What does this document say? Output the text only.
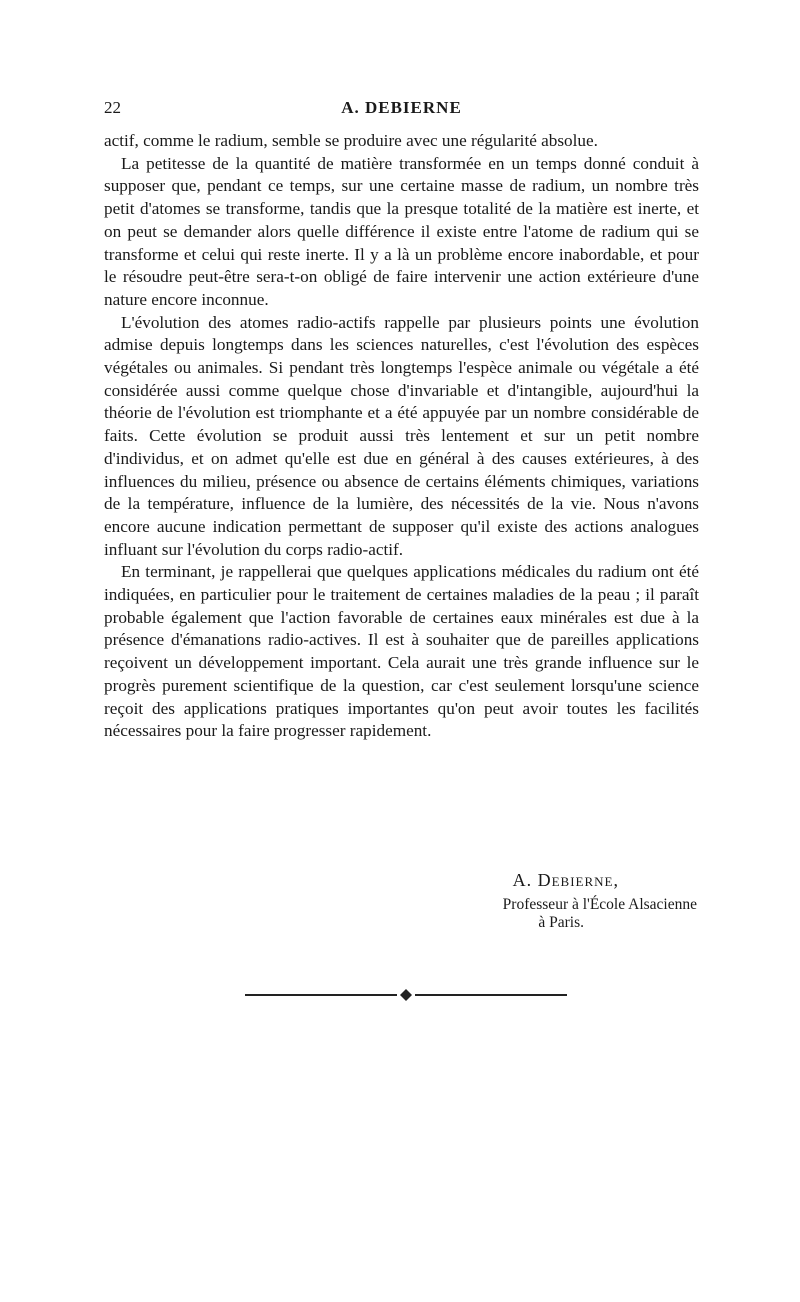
22	A. DEBIERNE

actif, comme le radium, semble se produire avec une régularité absolue.

La petitesse de la quantité de matière transformée en un temps donné conduit à supposer que, pendant ce temps, sur une certaine masse de radium, un nombre très petit d'atomes se transforme, tandis que la presque totalité de la matière est inerte, et on peut se demander alors quelle différence il existe entre l'atome de radium qui se transforme et celui qui reste inerte. Il y a là un problème encore inabordable, et pour le résoudre peut-être sera-t-on obligé de faire intervenir une action extérieure d'une nature encore inconnue.

L'évolution des atomes radio-actifs rappelle par plusieurs points une évolution admise depuis longtemps dans les sciences naturelles, c'est l'évolution des espèces végétales ou animales. Si pendant très longtemps l'espèce animale ou végétale a été considérée aussi comme quelque chose d'invariable et d'intangible, aujourd'hui la théorie de l'évolution est triomphante et a été appuyée par un nombre considérable de faits. Cette évolution se produit aussi très lentement et sur un petit nombre d'individus, et on admet qu'elle est due en général à des causes extérieures, à des influences du milieu, présence ou absence de certains éléments chimiques, variations de la température, influence de la lumière, des nécessités de la vie. Nous n'avons encore aucune indication permettant de supposer qu'il existe des actions analogues influant sur l'évolution du corps radio-actif.

En terminant, je rappellerai que quelques applications médicales du radium ont été indiquées, en particulier pour le traitement de certaines maladies de la peau ; il paraît probable également que l'action favorable de certaines eaux minérales est due à la présence d'émanations radio-actives. Il est à souhaiter que de pareilles applications reçoivent un développement important. Cela aurait une très grande influence sur le progrès purement scientifique de la question, car c'est seulement lorsqu'une science reçoit des applications pratiques importantes qu'on peut avoir toutes les facilités nécessaires pour la faire progresser rapidement.

A. Debierne,
Professeur à l'École Alsacienne
à Paris.
